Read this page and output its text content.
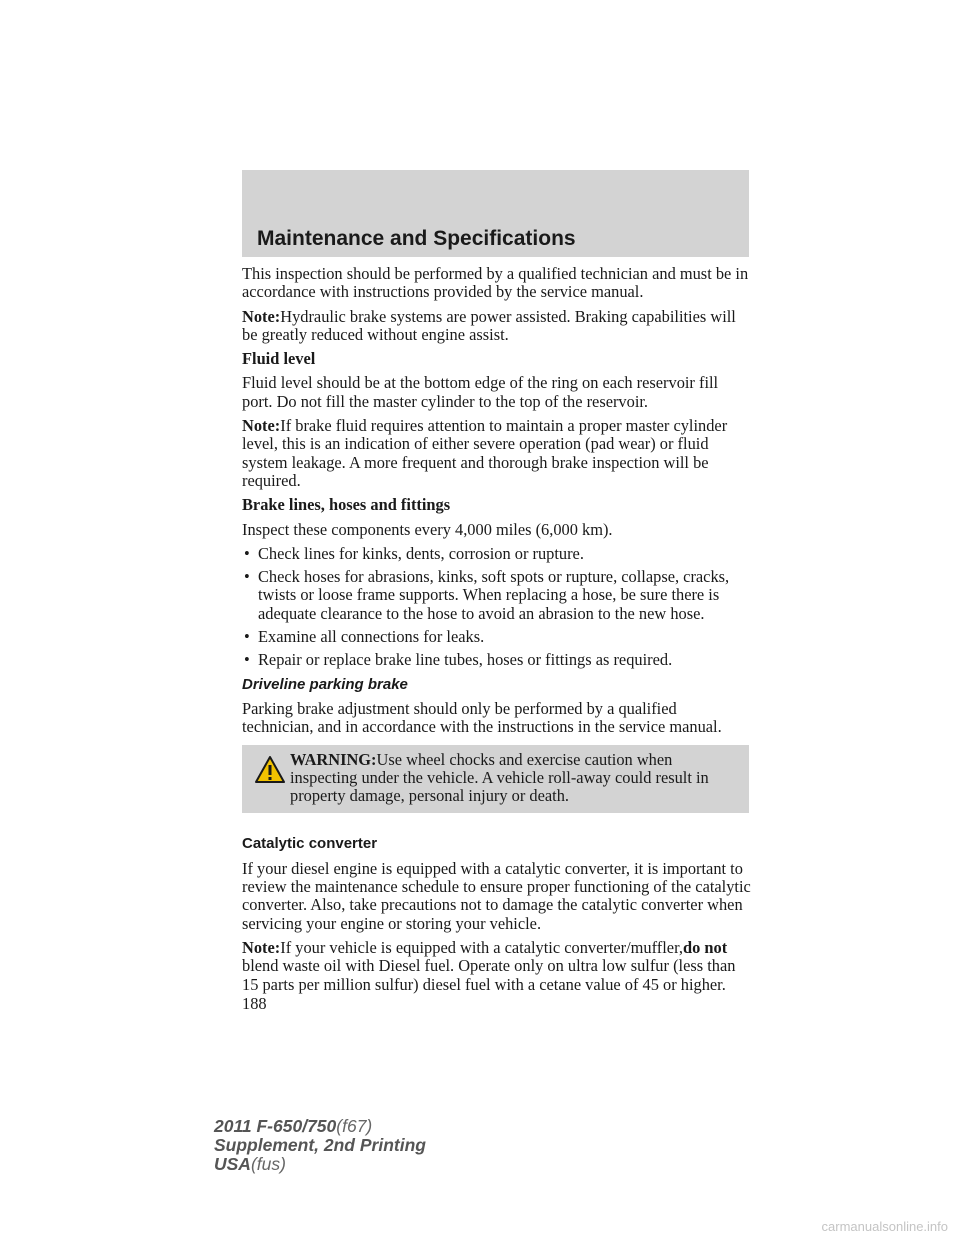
Maintenance and Specifications

This inspection should be performed by a qualified technician and must be in accordance with instructions provided by the service manual.

Note:Hydraulic brake systems are power assisted. Braking capabilities will be greatly reduced without engine assist.

Fluid level

Fluid level should be at the bottom edge of the ring on each reservoir fill port. Do not fill the master cylinder to the top of the reservoir.

Note:If brake fluid requires attention to maintain a proper master cylinder level, this is an indication of either severe operation (pad wear) or fluid system leakage. A more frequent and thorough brake inspection will be required.

Brake lines, hoses and fittings

Inspect these components every 4,000 miles (6,000 km).

• Check lines for kinks, dents, corrosion or rupture.
• Check hoses for abrasions, kinks, soft spots or rupture, collapse, cracks, twists or loose frame supports. When replacing a hose, be sure there is adequate clearance to the hose to avoid an abrasion to the new hose.
• Examine all connections for leaks.
• Repair or replace brake line tubes, hoses or fittings as required.

Driveline parking brake

Parking brake adjustment should only be performed by a qualified technician, and in accordance with the instructions in the service manual.

WARNING:Use wheel chocks and exercise caution when inspecting under the vehicle. A vehicle roll-away could result in property damage, personal injury or death.

Catalytic converter

If your diesel engine is equipped with a catalytic converter, it is important to review the maintenance schedule to ensure proper functioning of the catalytic converter. Also, take precautions not to damage the catalytic converter when servicing your engine or storing your vehicle.

Note:If your vehicle is equipped with a catalytic converter/muffler,do not blend waste oil with Diesel fuel. Operate only on ultra low sulfur (less than 15 parts per million sulfur) diesel fuel with a cetane value of 45 or higher.

188
2011 F-650/750(f67)
Supplement, 2nd Printing
USA(fus)
carmanualsonline.info
